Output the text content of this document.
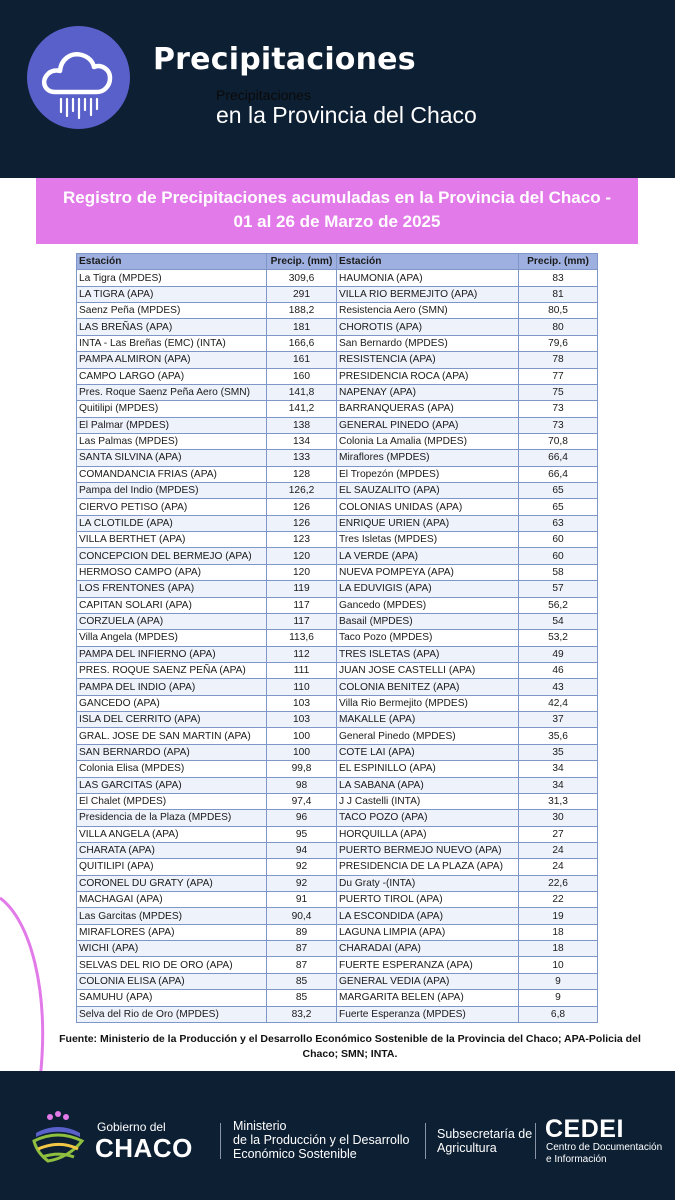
Precipitaciones
Precipitaciones
en la Provincia del Chaco
Registro de Precipitaciones acumuladas en la Provincia del Chaco -
01 al 26 de Marzo de 2025
Estación	Precip. (mm)	Estación	Precip. (mm)
La Tigra (MPDES)	309,6	HAUMONIA (APA)	83
LA TIGRA (APA)	291	VILLA RIO BERMEJITO (APA)	81
Saenz Peña (MPDES)	188,2	Resistencia Aero (SMN)	80,5
LAS BREÑAS (APA)	181	CHOROTIS (APA)	80
INTA - Las Breñas (EMC) (INTA)	166,6	San Bernardo (MPDES)	79,6
PAMPA ALMIRON (APA)	161	RESISTENCIA (APA)	78
CAMPO LARGO (APA)	160	PRESIDENCIA ROCA (APA)	77
Pres. Roque Saenz Peña Aero (SMN)	141,8	NAPENAY (APA)	75
Quitilipi (MPDES)	141,2	BARRANQUERAS (APA)	73
El Palmar (MPDES)	138	GENERAL PINEDO (APA)	73
Las Palmas (MPDES)	134	Colonia La Amalia (MPDES)	70,8
SANTA SILVINA (APA)	133	Miraflores (MPDES)	66,4
COMANDANCIA FRIAS (APA)	128	El Tropezón (MPDES)	66,4
Pampa del Indio (MPDES)	126,2	EL SAUZALITO (APA)	65
CIERVO PETISO (APA)	126	COLONIAS UNIDAS (APA)	65
LA CLOTILDE (APA)	126	ENRIQUE URIEN (APA)	63
VILLA BERTHET (APA)	123	Tres Isletas (MPDES)	60
CONCEPCION DEL BERMEJO (APA)	120	LA VERDE (APA)	60
HERMOSO CAMPO (APA)	120	NUEVA POMPEYA (APA)	58
LOS FRENTONES (APA)	119	LA EDUVIGIS (APA)	57
CAPITAN SOLARI (APA)	117	Gancedo (MPDES)	56,2
CORZUELA (APA)	117	Basail (MPDES)	54
Villa Angela (MPDES)	113,6	Taco Pozo (MPDES)	53,2
PAMPA DEL INFIERNO (APA)	112	TRES ISLETAS (APA)	49
PRES. ROQUE SAENZ PEÑA (APA)	111	JUAN JOSE CASTELLI (APA)	46
PAMPA DEL INDIO (APA)	110	COLONIA BENITEZ (APA)	43
GANCEDO (APA)	103	Villa Rio Bermejito (MPDES)	42,4
ISLA DEL CERRITO (APA)	103	MAKALLE (APA)	37
GRAL. JOSE DE SAN MARTIN (APA)	100	General Pinedo (MPDES)	35,6
SAN BERNARDO (APA)	100	COTE LAI (APA)	35
Colonia Elisa (MPDES)	99,8	EL ESPINILLO (APA)	34
LAS GARCITAS (APA)	98	LA SABANA (APA)	34
El Chalet (MPDES)	97,4	J J Castelli (INTA)	31,3
Presidencia de la Plaza (MPDES)	96	TACO POZO (APA)	30
VILLA ANGELA (APA)	95	HORQUILLA (APA)	27
CHARATA (APA)	94	PUERTO BERMEJO NUEVO (APA)	24
QUITILIPI (APA)	92	PRESIDENCIA DE LA PLAZA (APA)	24
CORONEL DU GRATY (APA)	92	Du Graty -(INTA)	22,6
MACHAGAI (APA)	91	PUERTO TIROL (APA)	22
Las Garcitas (MPDES)	90,4	LA ESCONDIDA (APA)	19
MIRAFLORES (APA)	89	LAGUNA LIMPIA (APA)	18
WICHI (APA)	87	CHARADAI (APA)	18
SELVAS DEL RIO DE ORO (APA)	87	FUERTE ESPERANZA (APA)	10
COLONIA ELISA (APA)	85	GENERAL VEDIA (APA)	9
SAMUHU (APA)	85	MARGARITA BELEN (APA)	9
Selva del Rio de Oro (MPDES)	83,2	Fuerte Esperanza (MPDES)	6,8
Fuente: Ministerio de la Producción y el Desarrollo Económico Sostenible de la Provincia del Chaco; APA-Policia del
Chaco; SMN; INTA.
Gobierno del
CHACO
Ministerio
de la Producción y el Desarrollo
Económico Sostenible
Subsecretaría de
Agricultura
CEDEI
Centro de Documentación
e Información
